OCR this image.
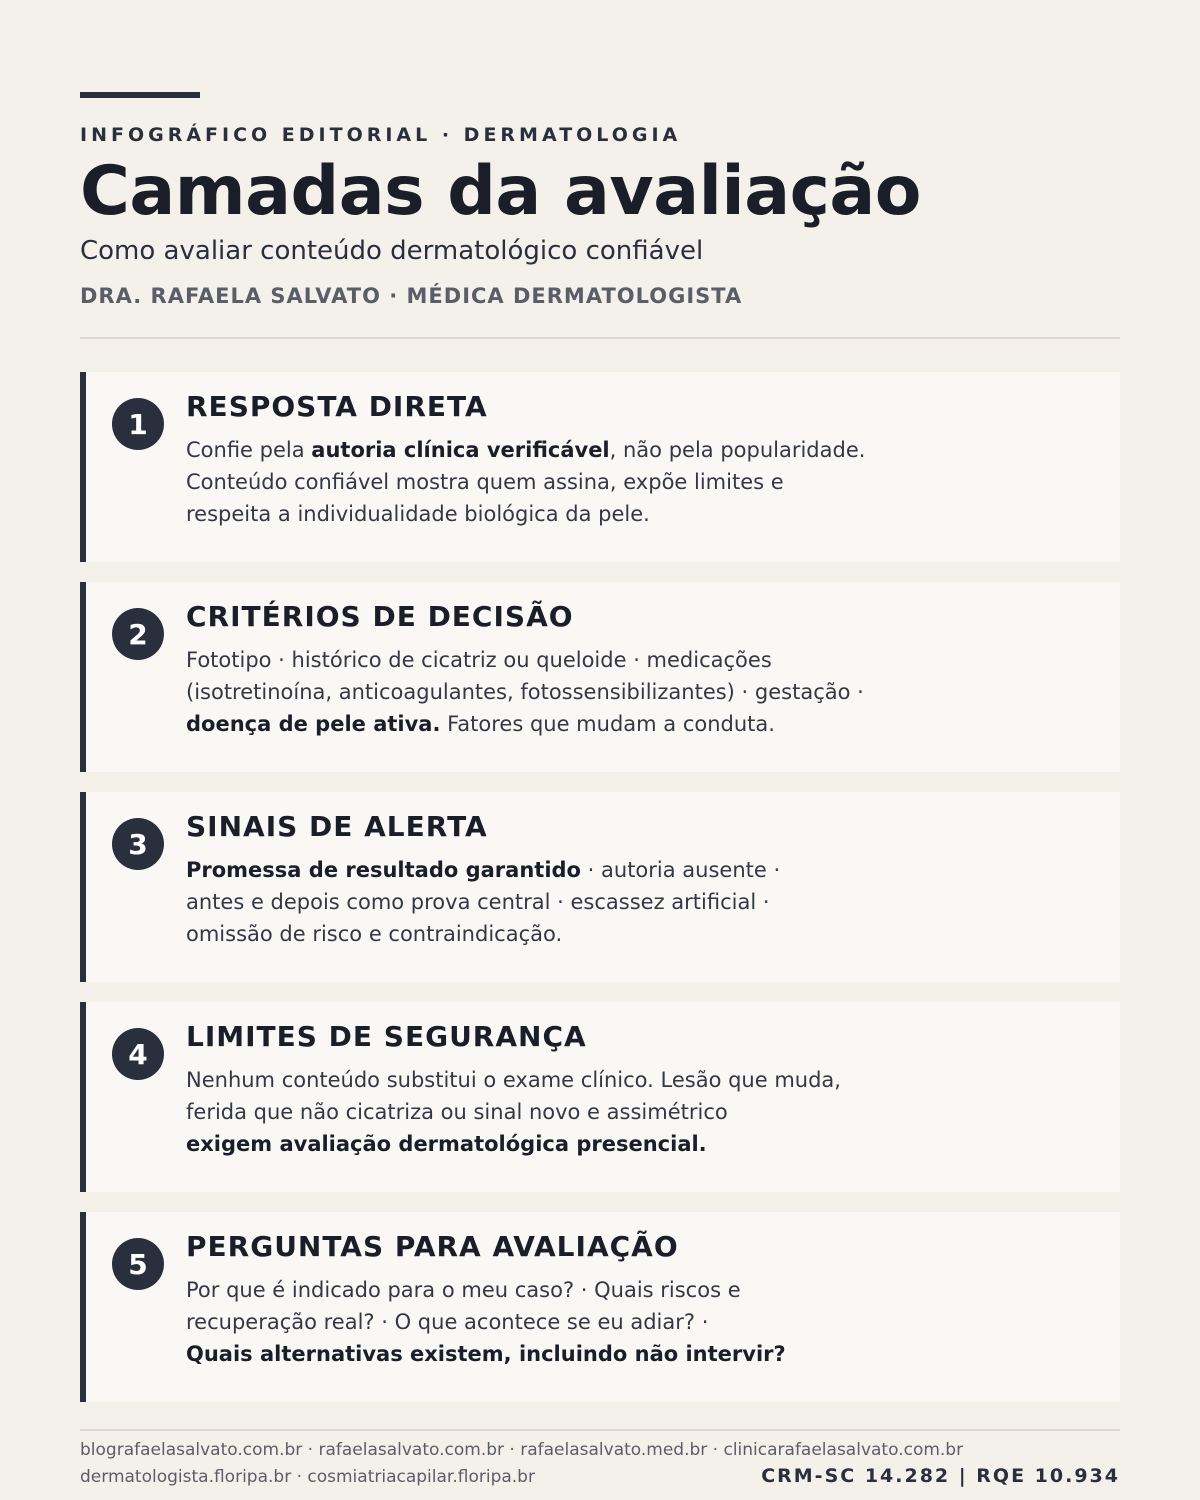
INFOGRÁFICO EDITORIAL · DERMATOLOGIA
Camadas da avaliação
Como avaliar conteúdo dermatológico confiável
DRA. RAFAELA SALVATO · MÉDICA DERMATOLOGISTA
1
RESPOSTA DIRETA
Confie pela autoria clínica verificável, não pela popularidade.
Conteúdo confiável mostra quem assina, expõe limites e
respeita a individualidade biológica da pele.
2
CRITÉRIOS DE DECISÃO
Fototipo · histórico de cicatriz ou queloide · medicações
(isotretinoína, anticoagulantes, fotossensibilizantes) · gestação ·
doença de pele ativa. Fatores que mudam a conduta.
3
SINAIS DE ALERTA
Promessa de resultado garantido · autoria ausente ·
antes e depois como prova central · escassez artificial ·
omissão de risco e contraindicação.
4
LIMITES DE SEGURANÇA
Nenhum conteúdo substitui o exame clínico. Lesão que muda,
ferida que não cicatriza ou sinal novo e assimétrico
exigem avaliação dermatológica presencial.
5
PERGUNTAS PARA AVALIAÇÃO
Por que é indicado para o meu caso? · Quais riscos e
recuperação real? · O que acontece se eu adiar? ·
Quais alternativas existem, incluindo não intervir?
blografaelasalvato.com.br · rafaelasalvato.com.br · rafaelasalvato.med.br · clinicarafaelasalvato.com.br
dermatologista.floripa.br · cosmiatriacapilar.floripa.br	CRM-SC 14.282 | RQE 10.934
